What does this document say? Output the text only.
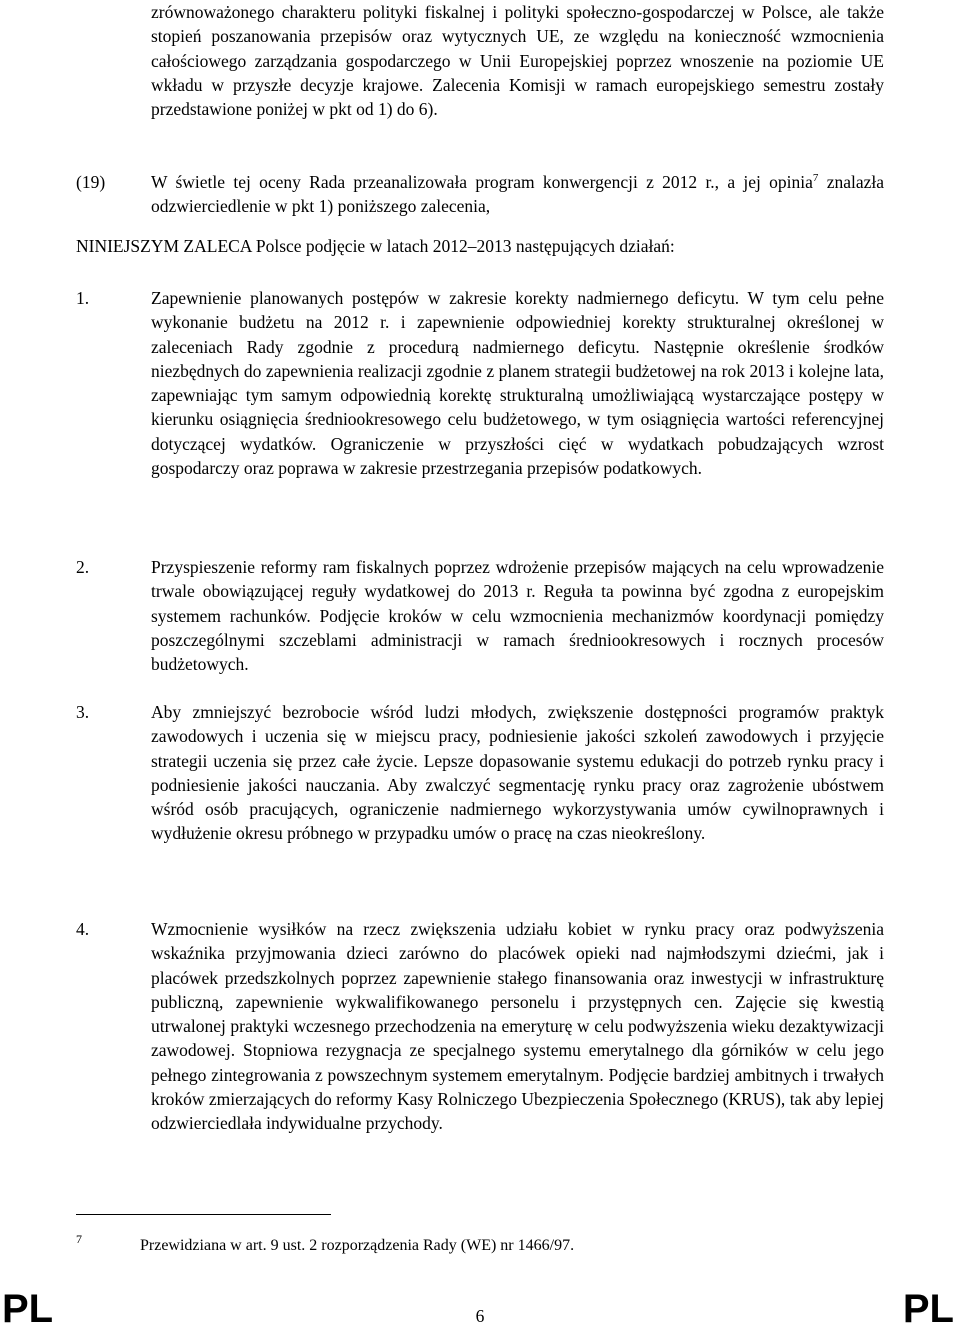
zrównoważonego charakteru polityki fiskalnej i polityki społeczno-gospodarczej w Polsce, ale także stopień poszanowania przepisów oraz wytycznych UE, ze względu na konieczność wzmocnienia całościowego zarządzania gospodarczego w Unii Europejskiej poprzez wnoszenie na poziomie UE wkładu w przyszłe decyzje krajowe. Zalecenia Komisji w ramach europejskiego semestru zostały przedstawione poniżej w pkt od 1) do 6).

(19)	W świetle tej oceny Rada przeanalizowała program konwergencji z 2012 r., a jej opinia$^7$ znalazła odzwierciedlenie w pkt 1) poniższego zalecenia,

NINIEJSZYM ZALECA Polsce podjęcie w latach 2012–2013 następujących działań:

1.	Zapewnienie planowanych postępów w zakresie korekty nadmiernego deficytu. W tym celu pełne wykonanie budżetu na 2012 r. i zapewnienie odpowiedniej korekty strukturalnej określonej w zaleceniach Rady zgodnie z procedurą nadmiernego deficytu. Następnie określenie środków niezbędnych do zapewnienia realizacji zgodnie z planem strategii budżetowej na rok 2013 i kolejne lata, zapewniając tym samym odpowiednią korektę strukturalną umożliwiającą wystarczające postępy w kierunku osiągnięcia średniookresowego celu budżetowego, w tym osiągnięcia wartości referencyjnej dotyczącej wydatków. Ograniczenie w przyszłości cięć w wydatkach pobudzających wzrost gospodarczy oraz poprawa w zakresie przestrzegania przepisów podatkowych.

2.	Przyspieszenie reformy ram fiskalnych poprzez wdrożenie przepisów mających na celu wprowadzenie trwale obowiązującej reguły wydatkowej do 2013 r. Reguła ta powinna być zgodna z europejskim systemem rachunków. Podjęcie kroków w celu wzmocnienia mechanizmów koordynacji pomiędzy poszczególnymi szczeblami administracji w ramach średniookresowych i rocznych procesów budżetowych.

3.	Aby zmniejszyć bezrobocie wśród ludzi młodych, zwiększenie dostępności programów praktyk zawodowych i uczenia się w miejscu pracy, podniesienie jakości szkoleń zawodowych i przyjęcie strategii uczenia się przez całe życie. Lepsze dopasowanie systemu edukacji do potrzeb rynku pracy i podniesienie jakości nauczania. Aby zwalczyć segmentację rynku pracy oraz zagrożenie ubóstwem wśród osób pracujących, ograniczenie nadmiernego wykorzystywania umów cywilnoprawnych i wydłużenie okresu próbnego w przypadku umów o pracę na czas nieokreślony.

4.	Wzmocnienie wysiłków na rzecz zwiększenia udziału kobiet w rynku pracy oraz podwyższenia wskaźnika przyjmowania dzieci zarówno do placówek opieki nad najmłodszymi dziećmi, jak i placówek przedszkolnych poprzez zapewnienie stałego finansowania oraz inwestycji w infrastrukturę publiczną, zapewnienie wykwalifikowanego personelu i przystępnych cen. Zajęcie się kwestią utrwalonej praktyki wczesnego przechodzenia na emeryturę w celu podwyższenia wieku dezaktywizacji zawodowej. Stopniowa rezygnacja ze specjalnego systemu emerytalnego dla górników w celu jego pełnego zintegrowania z powszechnym systemem emerytalnym. Podjęcie bardziej ambitnych i trwałych kroków zmierzających do reformy Kasy Rolniczego Ubezpieczenia Społecznego (KRUS), tak aby lepiej odzwierciedlała indywidualne przychody.

7	Przewidziana w art. 9 ust. 2 rozporządzenia Rady (WE) nr 1466/97.
PL	6	PL
